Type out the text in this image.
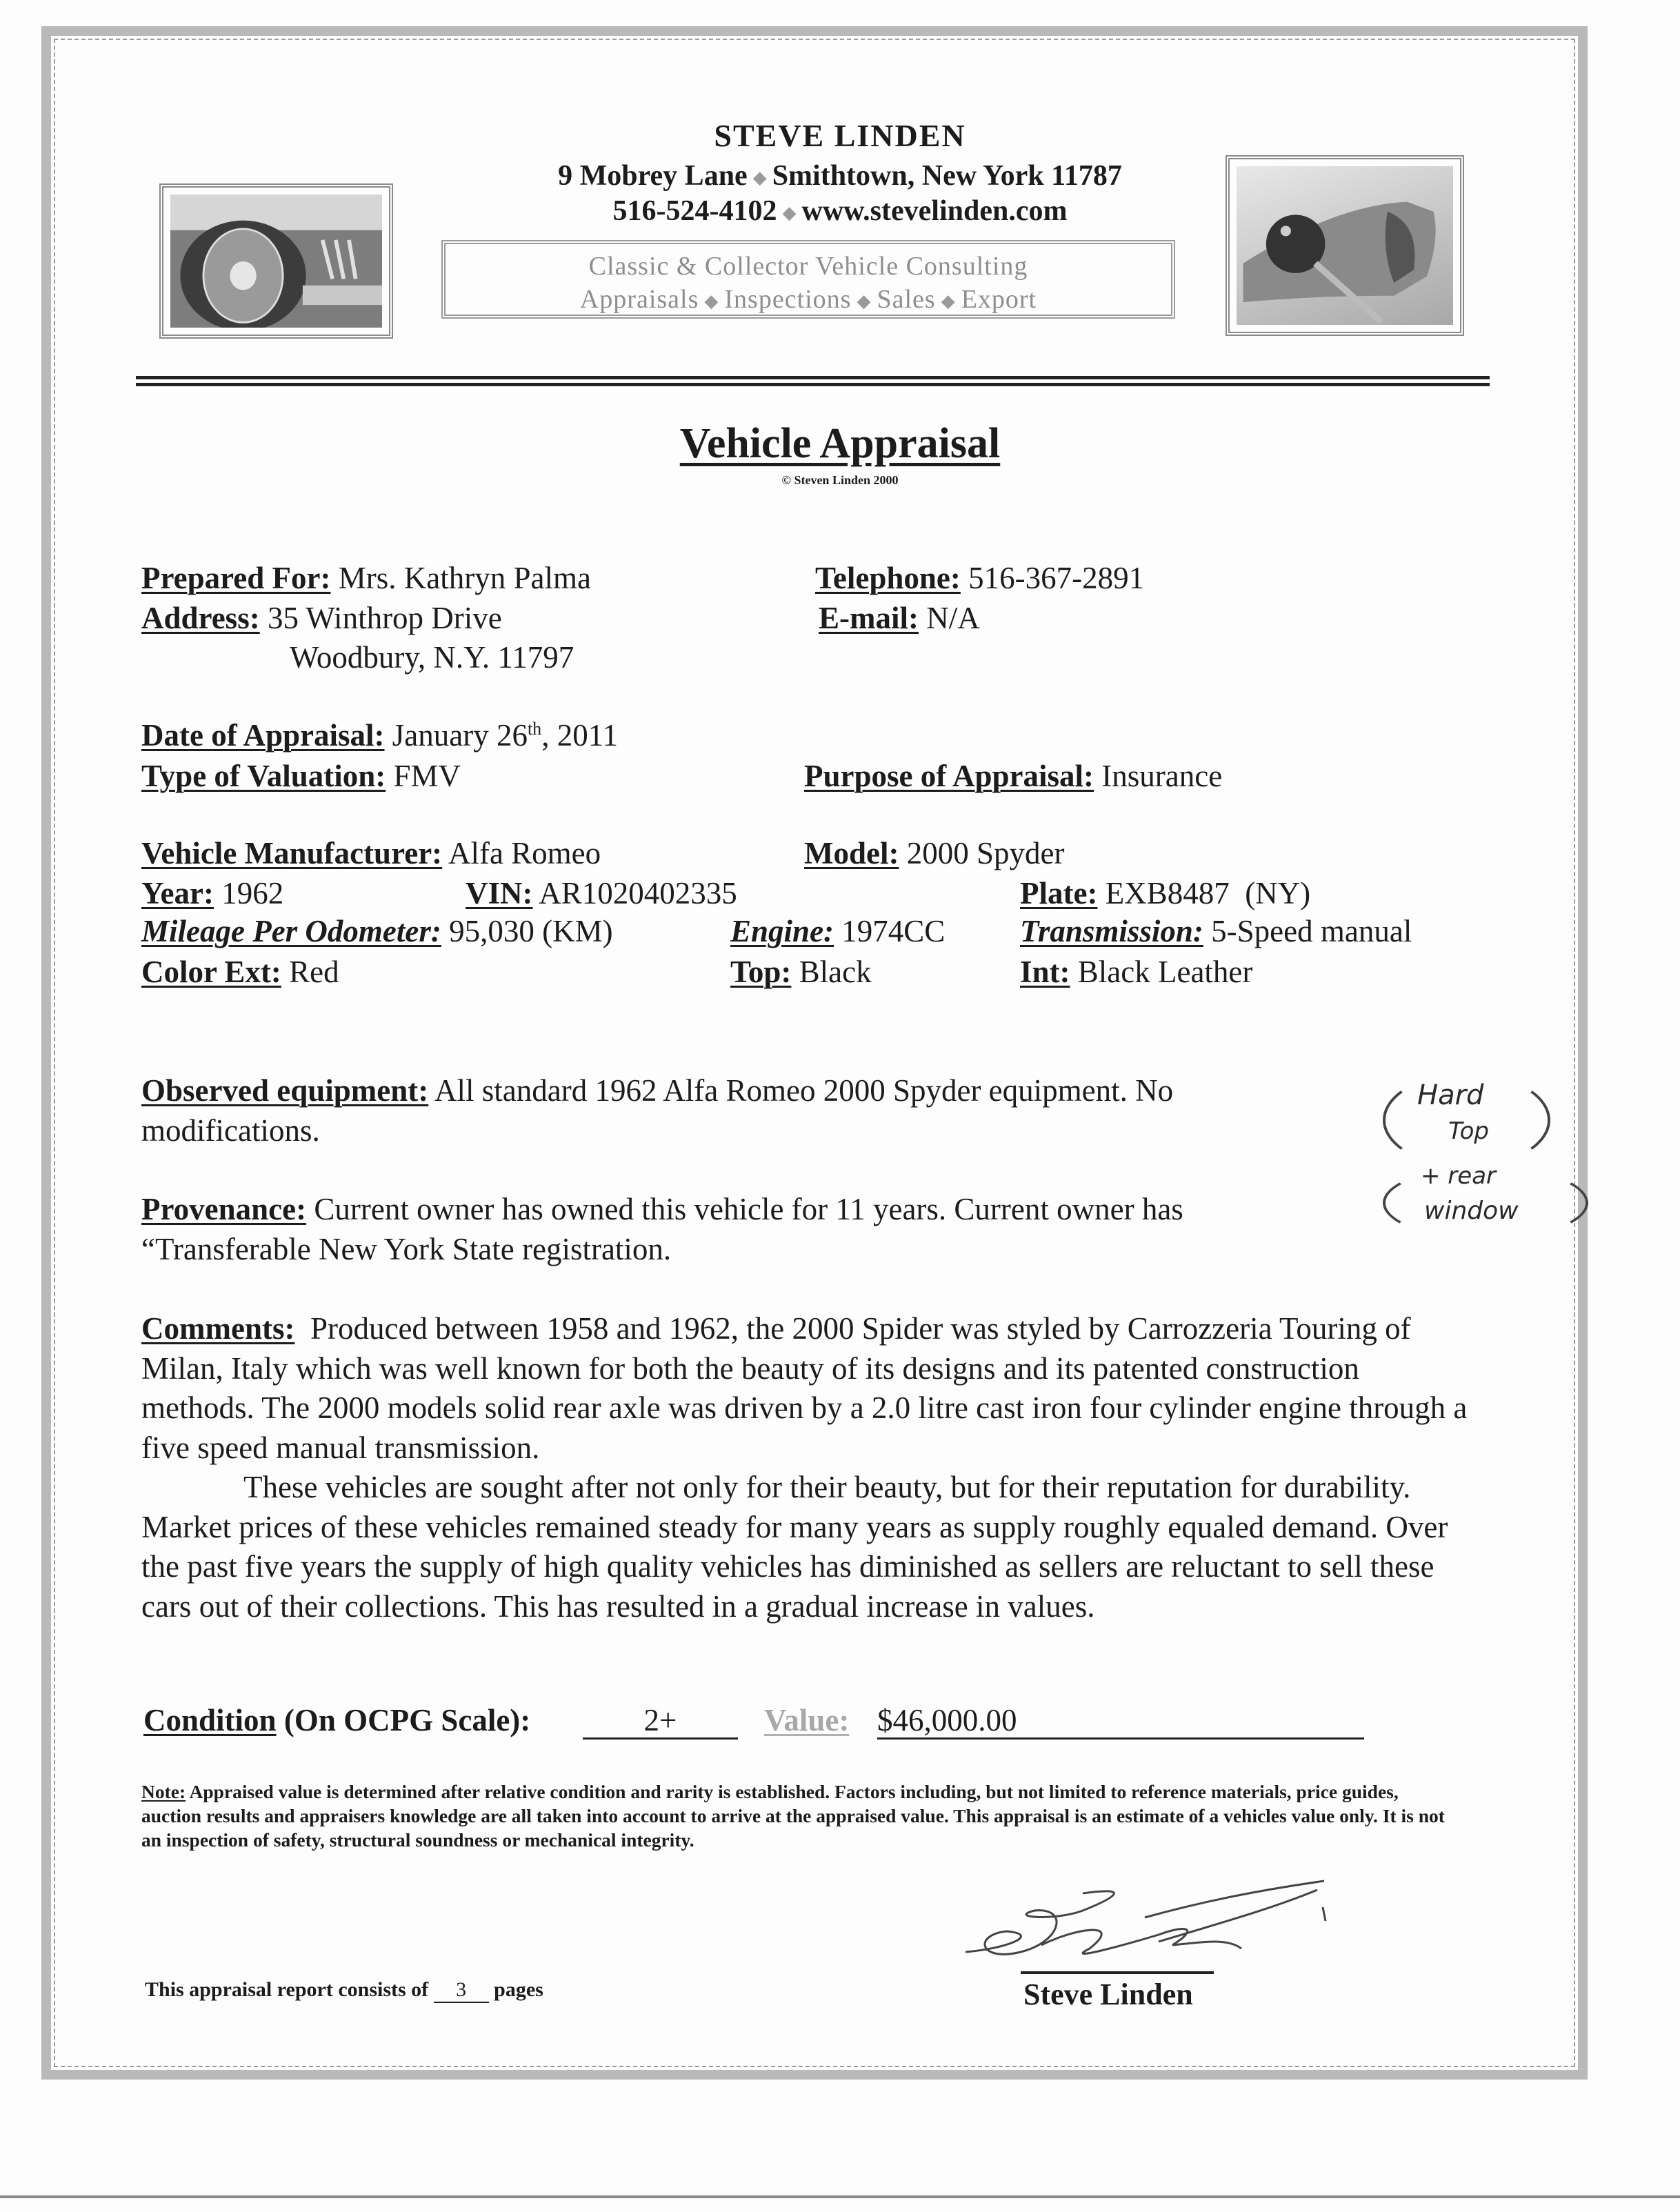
STEVE LINDEN
9 Mobrey Lane ◆ Smithtown, New York 11787
516-524-4102 ◆ www.stevelinden.com
Classic & Collector Vehicle Consulting
Appraisals ◆ Inspections ◆ Sales ◆ Export
Vehicle Appraisal
© Steven Linden 2000
Prepared For: Mrs. Kathryn Palma
Address: 35 Winthrop Drive
Woodbury, N.Y. 11797
Telephone: 516-367-2891
E-mail: N/A
Date of Appraisal: January 26th, 2011
Type of Valuation: FMV	Purpose of Appraisal: Insurance
Vehicle Manufacturer: Alfa Romeo	Model: 2000 Spyder
Year: 1962	VIN: AR1020402335	Plate: EXB8487  (NY)
Mileage Per Odometer: 95,030 (KM)	Engine: 1974CC Transmission: 5-Speed manual
Color Ext: Red	Top: Black	Int: Black Leather
Observed equipment: All standard 1962 Alfa Romeo 2000 Spyder equipment. No modifications.
Hard
Top
+ rear
window
Provenance: Current owner has owned this vehicle for 11 years. Current owner has “Transferable New York State registration.
Comments: Produced between 1958 and 1962, the 2000 Spider was styled by Carrozzeria Touring of Milan, Italy which was well known for both the beauty of its designs and its patented construction methods. The 2000 models solid rear axle was driven by a 2.0 litre cast iron four cylinder engine through a five speed manual transmission.
These vehicles are sought after not only for their beauty, but for their reputation for durability. Market prices of these vehicles remained steady for many years as supply roughly equaled demand. Over the past five years the supply of high quality vehicles has diminished as sellers are reluctant to sell these cars out of their collections. This has resulted in a gradual increase in values.
Condition (On OCPG Scale):	2+	Value: $46,000.00
Note: Appraised value is determined after relative condition and rarity is established. Factors including, but not limited to reference materials, price guides, auction results and appraisers knowledge are all taken into account to arrive at the appraised value. This appraisal is an estimate of a vehicles value only. It is not an inspection of safety, structural soundness or mechanical integrity.
Steve Linden
This appraisal report consists of 3 pages
